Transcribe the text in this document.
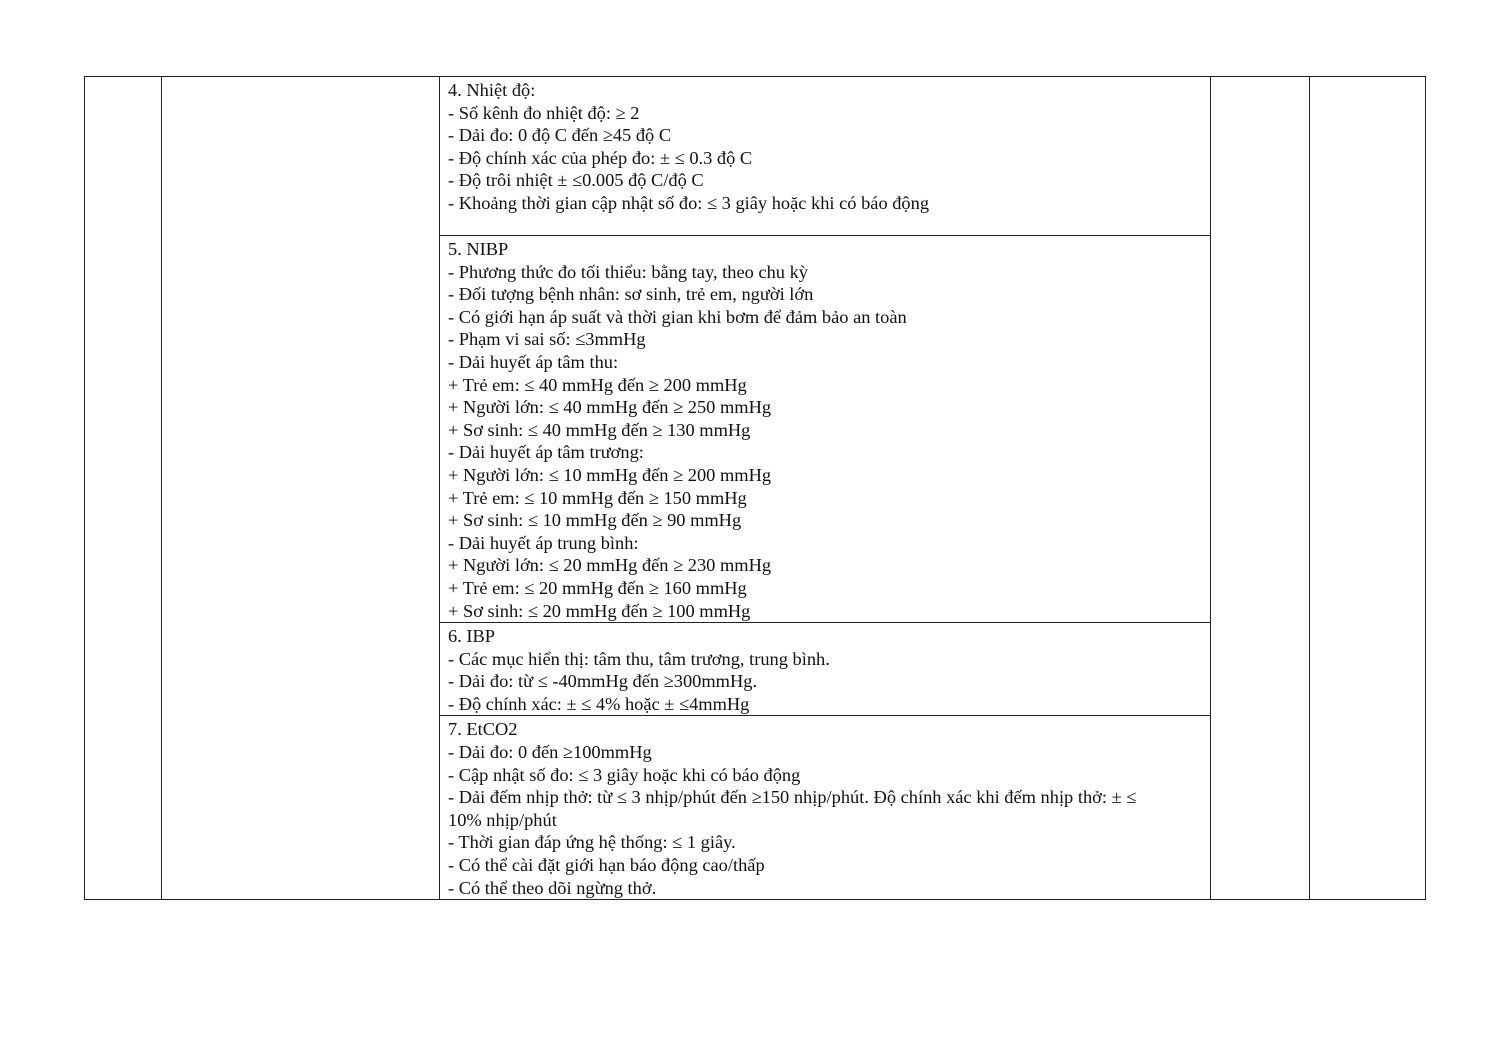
4. Nhiệt độ:
- Số kênh đo nhiệt độ: ≥ 2
- Dải đo: 0 độ C đến ≥45 độ C
- Độ chính xác của phép đo: ± ≤ 0.3 độ C
- Độ trôi nhiệt ± ≤0.005 độ C/độ C
- Khoảng thời gian cập nhật số đo: ≤ 3 giây hoặc khi có báo động

5. NIBP
- Phương thức đo tối thiểu: bằng tay, theo chu kỳ
- Đối tượng bệnh nhân: sơ sinh, trẻ em, người lớn
- Có giới hạn áp suất và thời gian khi bơm để đảm bảo an toàn
- Phạm vi sai số: ≤3mmHg
- Dải huyết áp tâm thu:
+ Trẻ em: ≤ 40 mmHg đến ≥ 200 mmHg
+ Người lớn: ≤ 40 mmHg đến ≥ 250 mmHg
+ Sơ sinh: ≤ 40 mmHg đến ≥ 130 mmHg
- Dải huyết áp tâm trương:
+ Người lớn: ≤ 10 mmHg đến ≥ 200 mmHg
+ Trẻ em: ≤ 10 mmHg đến ≥ 150 mmHg
+ Sơ sinh: ≤ 10 mmHg đến ≥ 90 mmHg
- Dải huyết áp trung bình:
+ Người lớn: ≤ 20 mmHg đến ≥ 230 mmHg
+ Trẻ em: ≤ 20 mmHg đến ≥ 160 mmHg
+ Sơ sinh: ≤ 20 mmHg đến ≥ 100 mmHg

6. IBP
- Các mục hiển thị: tâm thu, tâm trương, trung bình.
- Dải đo: từ ≤ -40mmHg đến ≥300mmHg.
- Độ chính xác: ± ≤ 4% hoặc ± ≤4mmHg

7. EtCO2
- Dải đo: 0 đến ≥100mmHg
- Cập nhật số đo: ≤ 3 giây hoặc khi có báo động
- Dải đếm nhịp thở: từ ≤ 3 nhịp/phút đến ≥150 nhịp/phút. Độ chính xác khi đếm nhịp thở: ± ≤
10% nhịp/phút
- Thời gian đáp ứng hệ thống: ≤ 1 giây.
- Có thể cài đặt giới hạn báo động cao/thấp
- Có thể theo dõi ngừng thở.
